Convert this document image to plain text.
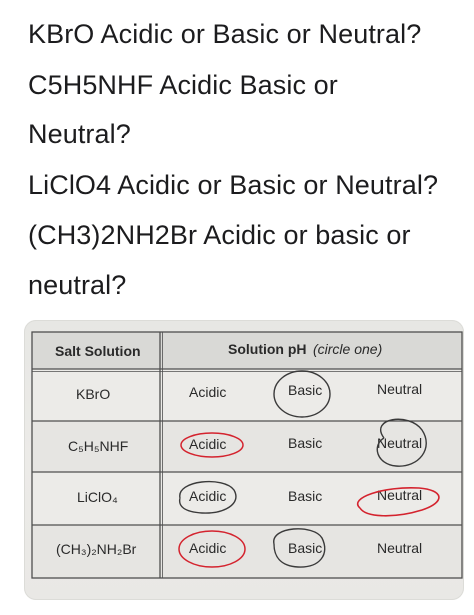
KBrO Acidic or Basic or Neutral?
C5H5NHF Acidic Basic or
Neutral?
LiClO4 Acidic or Basic or Neutral?
(CH3)2NH2Br Acidic or basic or
neutral?
Salt Solution	Solution pH (circle one)
KBrO	Acidic	Basic	Neutral
C₅H₅NHF	Acidic	Basic	Neutral
LiClO₄	Acidic	Basic	Neutral
(CH₃)₂NH₂Br	Acidic	Basic	Neutral
